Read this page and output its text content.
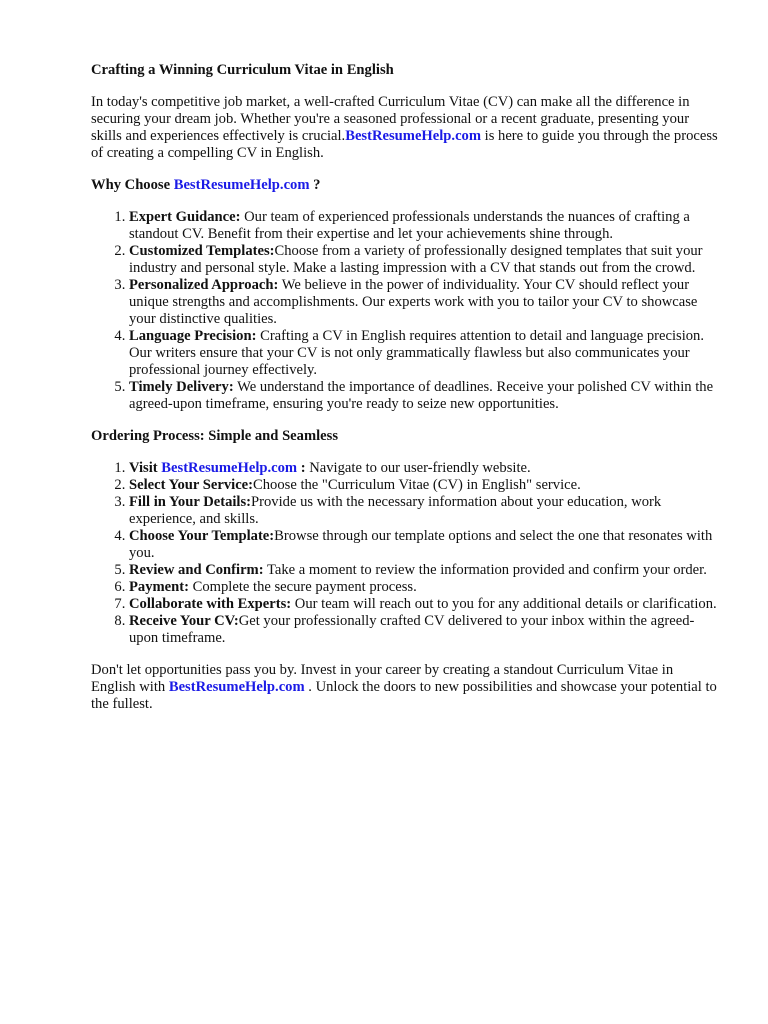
Crafting a Winning Curriculum Vitae in English

In today's competitive job market, a well-crafted Curriculum Vitae (CV) can make all the difference in securing your dream job. Whether you're a seasoned professional or a recent graduate, presenting your skills and experiences effectively is crucial.BestResumeHelp.com is here to guide you through the process of creating a compelling CV in English.

Why Choose BestResumeHelp.com ?
1. Expert Guidance: Our team of experienced professionals understands the nuances of crafting a standout CV. Benefit from their expertise and let your achievements shine through.
2. Customized Templates:Choose from a variety of professionally designed templates that suit your industry and personal style. Make a lasting impression with a CV that stands out from the crowd.
3. Personalized Approach: We believe in the power of individuality. Your CV should reflect your unique strengths and accomplishments. Our experts work with you to tailor your CV to showcase your distinctive qualities.
4. Language Precision: Crafting a CV in English requires attention to detail and language precision. Our writers ensure that your CV is not only grammatically flawless but also communicates your professional journey effectively.
5. Timely Delivery: We understand the importance of deadlines. Receive your polished CV within the agreed-upon timeframe, ensuring you're ready to seize new opportunities.
Ordering Process: Simple and Seamless
1. Visit BestResumeHelp.com : Navigate to our user-friendly website.
2. Select Your Service:Choose the "Curriculum Vitae (CV) in English" service.
3. Fill in Your Details:Provide us with the necessary information about your education, work experience, and skills.
4. Choose Your Template:Browse through our template options and select the one that resonates with you.
5. Review and Confirm: Take a moment to review the information provided and confirm your order.
6. Payment: Complete the secure payment process.
7. Collaborate with Experts: Our team will reach out to you for any additional details or clarification.
8. Receive Your CV:Get your professionally crafted CV delivered to your inbox within the agreed-upon timeframe.

Don't let opportunities pass you by. Invest in your career by creating a standout Curriculum Vitae in English with BestResumeHelp.com . Unlock the doors to new possibilities and showcase your potential to the fullest.
